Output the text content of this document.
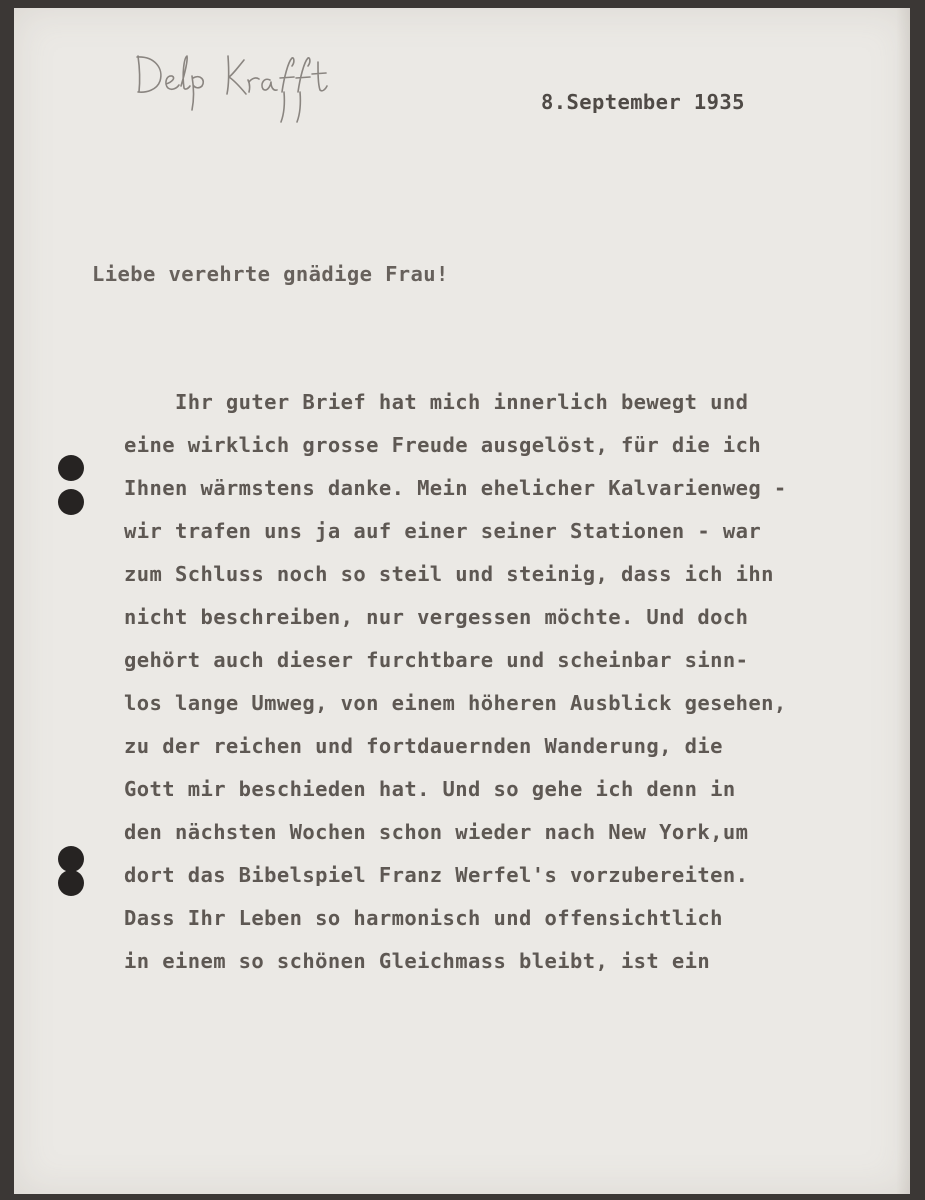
Delp Krafft

8.September 1935

Liebe verehrte gnädige Frau!

Ihr guter Brief hat mich innerlich bewegt und

eine wirklich grosse Freude ausgelöst, für die ich

Ihnen wärmstens danke. Mein ehelicher Kalvarienweg -

wir trafen uns ja auf einer seiner Stationen - war

zum Schluss noch so steil und steinig, dass ich ihn

nicht beschreiben, nur vergessen möchte. Und doch

gehört auch dieser furchtbare und scheinbar sinn-

los lange Umweg, von einem höheren Ausblick gesehen,

zu der reichen und fortdauernden Wanderung, die

Gott mir beschieden hat. Und so gehe ich denn in

den nächsten Wochen schon wieder nach New York,um

dort das Bibelspiel Franz Werfel's vorzubereiten.

Dass Ihr Leben so harmonisch und offensichtlich

in einem so schönen Gleichmass bleibt, ist ein
